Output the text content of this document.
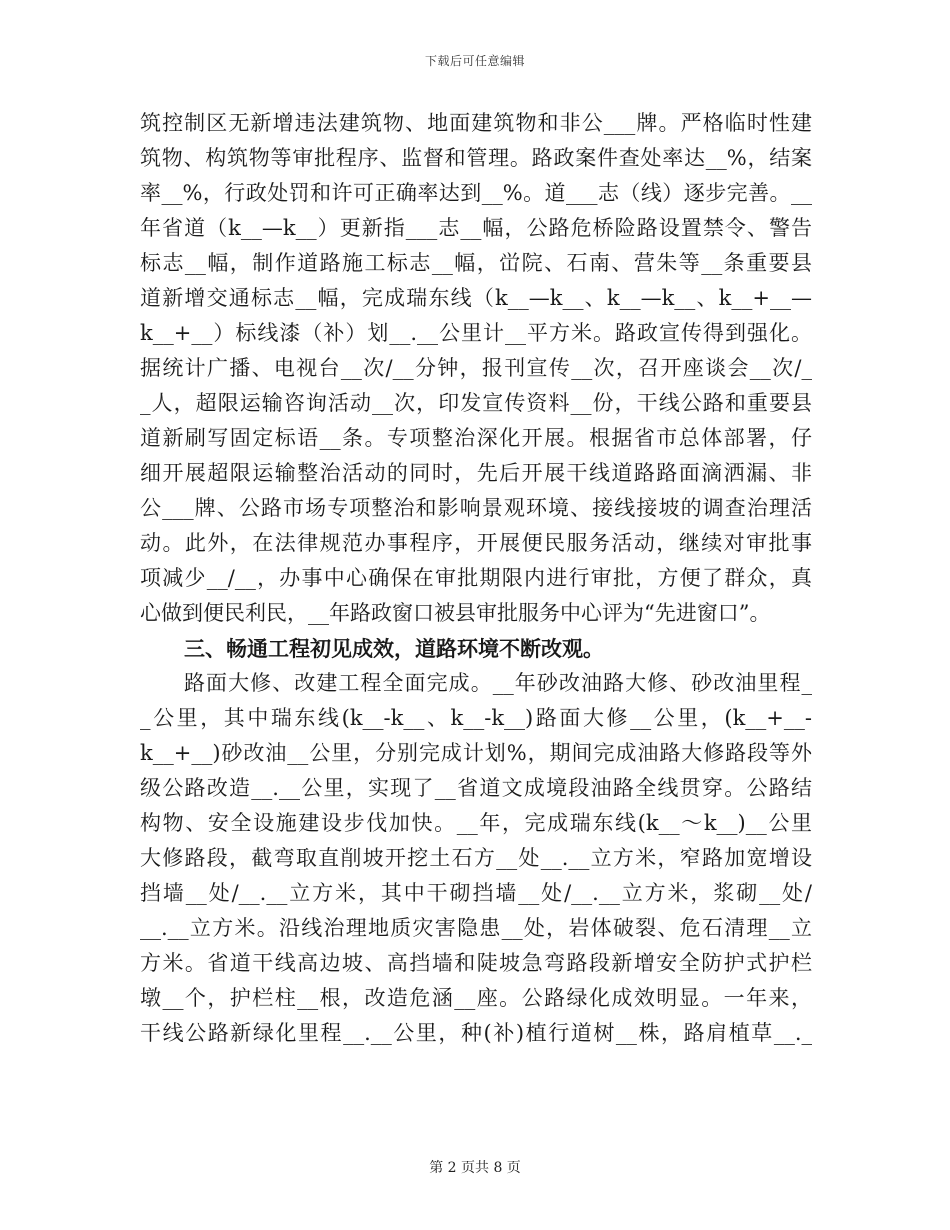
下载后可任意编辑
筑控制区无新增违法建筑物、地面建筑物和非公___牌。严格临时性建
筑物、构筑物等审批程序、监督和管理。路政案件查处率达__%，结案
率__%，行政处罚和许可正确率达到__%。道___志（线）逐步完善。__
年省道（k__—k__）更新指___志__幅，公路危桥险路设置禁令、警告
标志__幅，制作道路施工标志__幅，峃院、石南、营朱等__条重要县
道新增交通标志__幅，完成瑞东线（k__—k__、k__—k__、k__+__—
k__+__）标线漆（补）划__.__公里计__平方米。路政宣传得到强化。
据统计广播、电视台__次/__分钟，报刊宣传__次，召开座谈会__次/_
_人，超限运输咨询活动__次，印发宣传资料__份，干线公路和重要县
道新刷写固定标语__条。专项整治深化开展。根据省市总体部署，仔
细开展超限运输整治活动的同时，先后开展干线道路路面滴洒漏、非
公___牌、公路市场专项整治和影响景观环境、接线接坡的调查治理活
动。此外，在法律规范办事程序，开展便民服务活动，继续对审批事
项减少__/__，办事中心确保在审批期限内进行审批，方便了群众，真
心做到便民利民，__年路政窗口被县审批服务中心评为“先进窗口”。
三、畅通工程初见成效，道路环境不断改观。
路面大修、改建工程全面完成。__年砂改油路大修、砂改油里程_
_公里，其中瑞东线(k__-k__、k__-k__)路面大修__公里，(k__+__-
k__+__)砂改油__公里，分别完成计划%，期间完成油路大修路段等外
级公路改造__.__公里，实现了__省道文成境段油路全线贯穿。公路结
构物、安全设施建设步伐加快。__年，完成瑞东线(k__～k__)__公里
大修路段，截弯取直削坡开挖土石方__处__.__立方米，窄路加宽增设
挡墙__处/__.__立方米，其中干砌挡墙__处/__.__立方米，浆砌__处/
__.__立方米。沿线治理地质灾害隐患__处，岩体破裂、危石清理__立
方米。省道干线高边坡、高挡墙和陡坡急弯路段新增安全防护式护栏
墩__个，护栏柱__根，改造危涵__座。公路绿化成效明显。一年来，
干线公路新绿化里程__.__公里，种(补)植行道树__株，路肩植草__._
第 2 页共 8 页
